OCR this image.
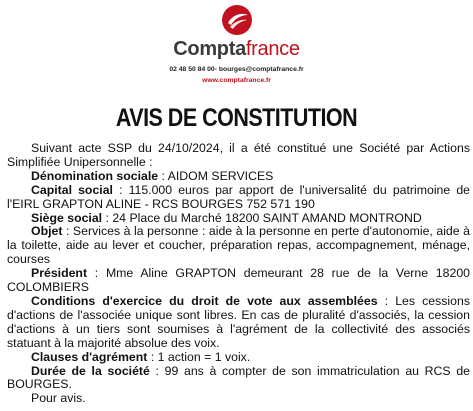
Comptafrance
02 48 50 84 00- bourges@comptafrance.fr
www.comptafrance.fr
AVIS DE CONSTITUTION

Suivant acte SSP du 24/10/2024, il a été constitué une Société par Actions Simplifiée Unipersonnelle :

Dénomination sociale : AIDOM SERVICES

Capital social : 115.000 euros par apport de l'universalité du patrimoine de l'EIRL GRAPTON ALINE - RCS BOURGES 752 571 190

Siège social : 24 Place du Marché 18200 SAINT AMAND MONTROND

Objet : Services à la personne : aide à la personne en perte d'autonomie, aide à la toilette, aide au lever et coucher, préparation repas, accompagnement, ménage, courses

Président : Mme Aline GRAPTON demeurant 28 rue de la Verne 18200 COLOMBIERS

Conditions d'exercice du droit de vote aux assemblées : Les cessions d'actions de l'associée unique sont libres. En cas de pluralité d'associés, la cession d'actions à un tiers sont soumises à l'agrément de la collectivité des associés statuant à la majorité absolue des voix.

Clauses d'agrément : 1 action = 1 voix.

Durée de la société : 99 ans à compter de son immatriculation au RCS de BOURGES.

Pour avis.
